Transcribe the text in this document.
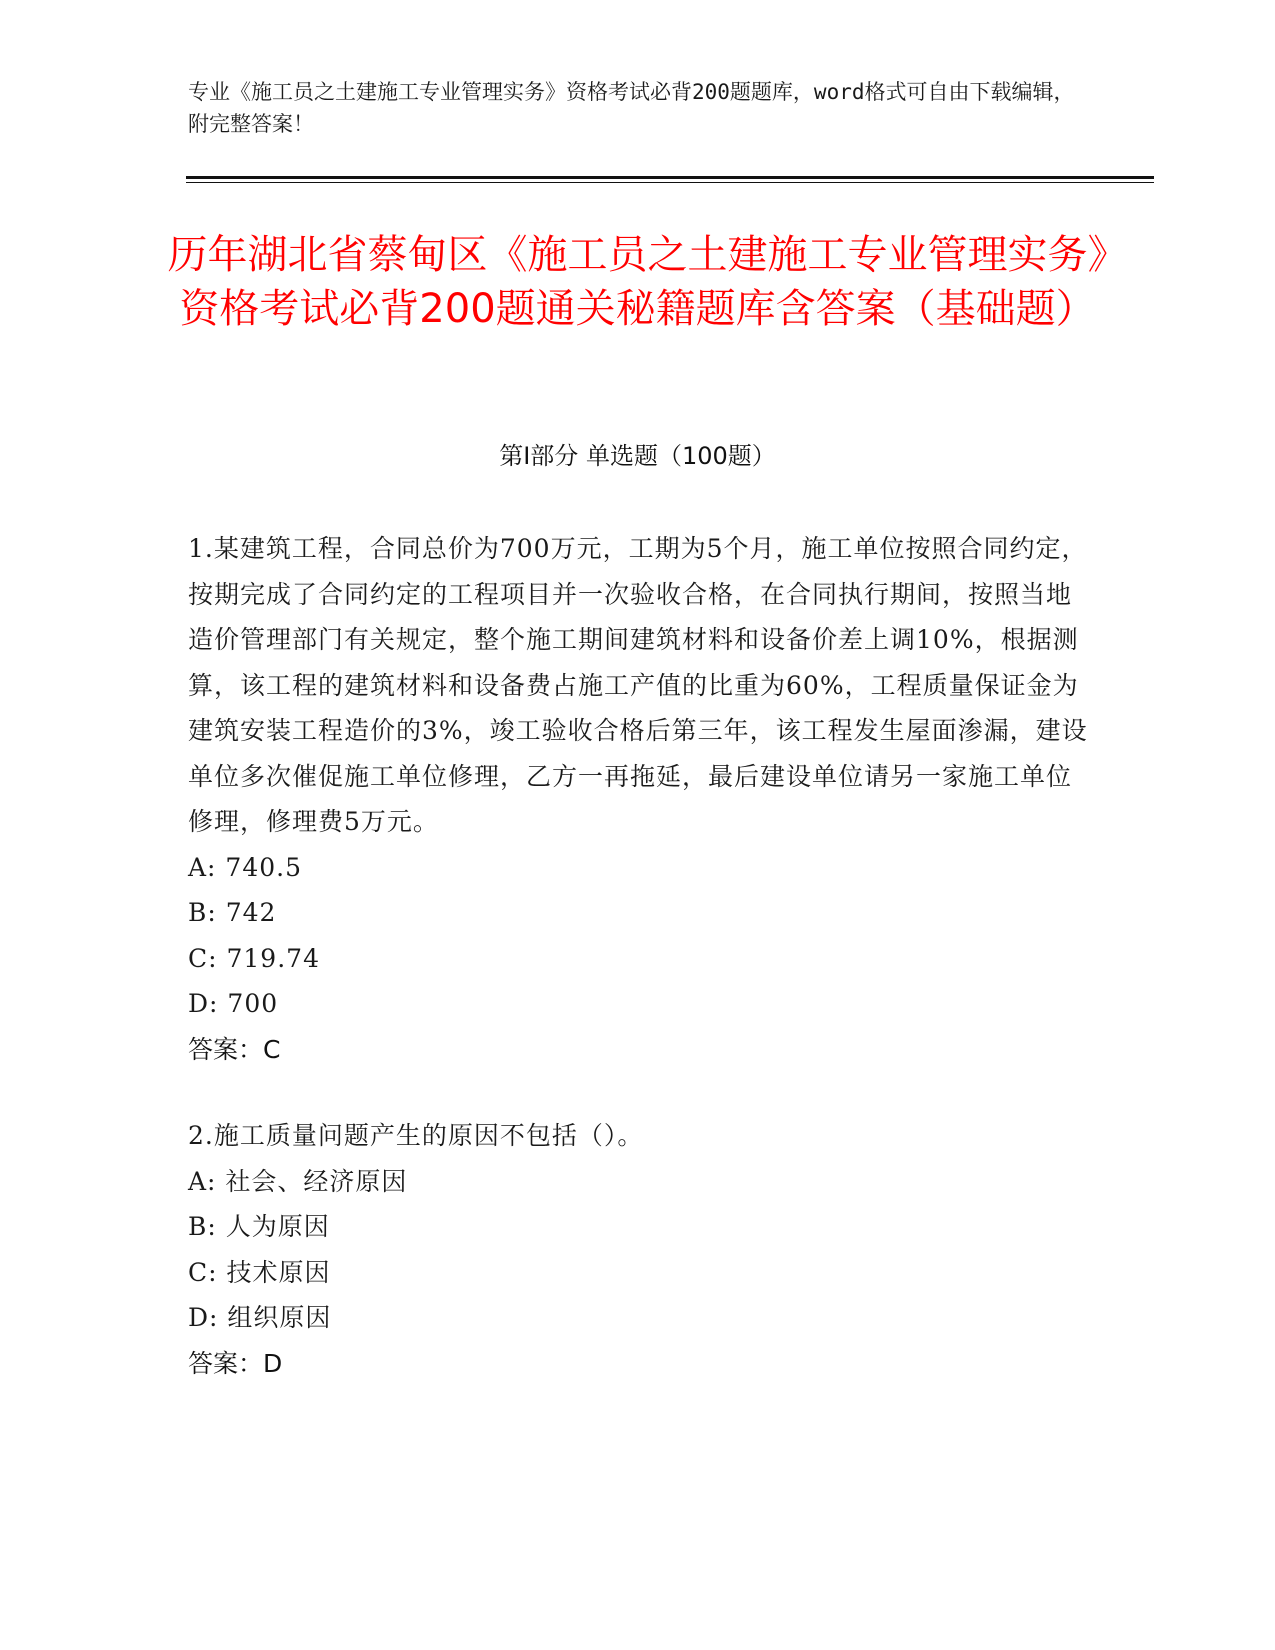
专业《施工员之土建施工专业管理实务》资格考试必背200题题库，word格式可自由下载编辑，附完整答案！
历年湖北省蔡甸区《施工员之土建施工专业管理实务》资格考试必背200题通关秘籍题库含答案（基础题）
第Ⅰ部分 单选题（100题）

1.某建筑工程，合同总价为700万元，工期为5个月，施工单位按照合同约定，按期完成了合同约定的工程项目并一次验收合格，在合同执行期间，按照当地造价管理部门有关规定，整个施工期间建筑材料和设备价差上调10%，根据测算，该工程的建筑材料和设备费占施工产值的比重为60%，工程质量保证金为建筑安装工程造价的3%，竣工验收合格后第三年，该工程发生屋面渗漏，建设单位多次催促施工单位修理，乙方一再拖延，最后建设单位请另一家施工单位修理，修理费5万元。

A: 740.5

B: 742

C: 719.74

D: 700

答案：C

2.施工质量问题产生的原因不包括（）。

A: 社会、经济原因

B: 人为原因

C: 技术原因

D: 组织原因

答案：D
